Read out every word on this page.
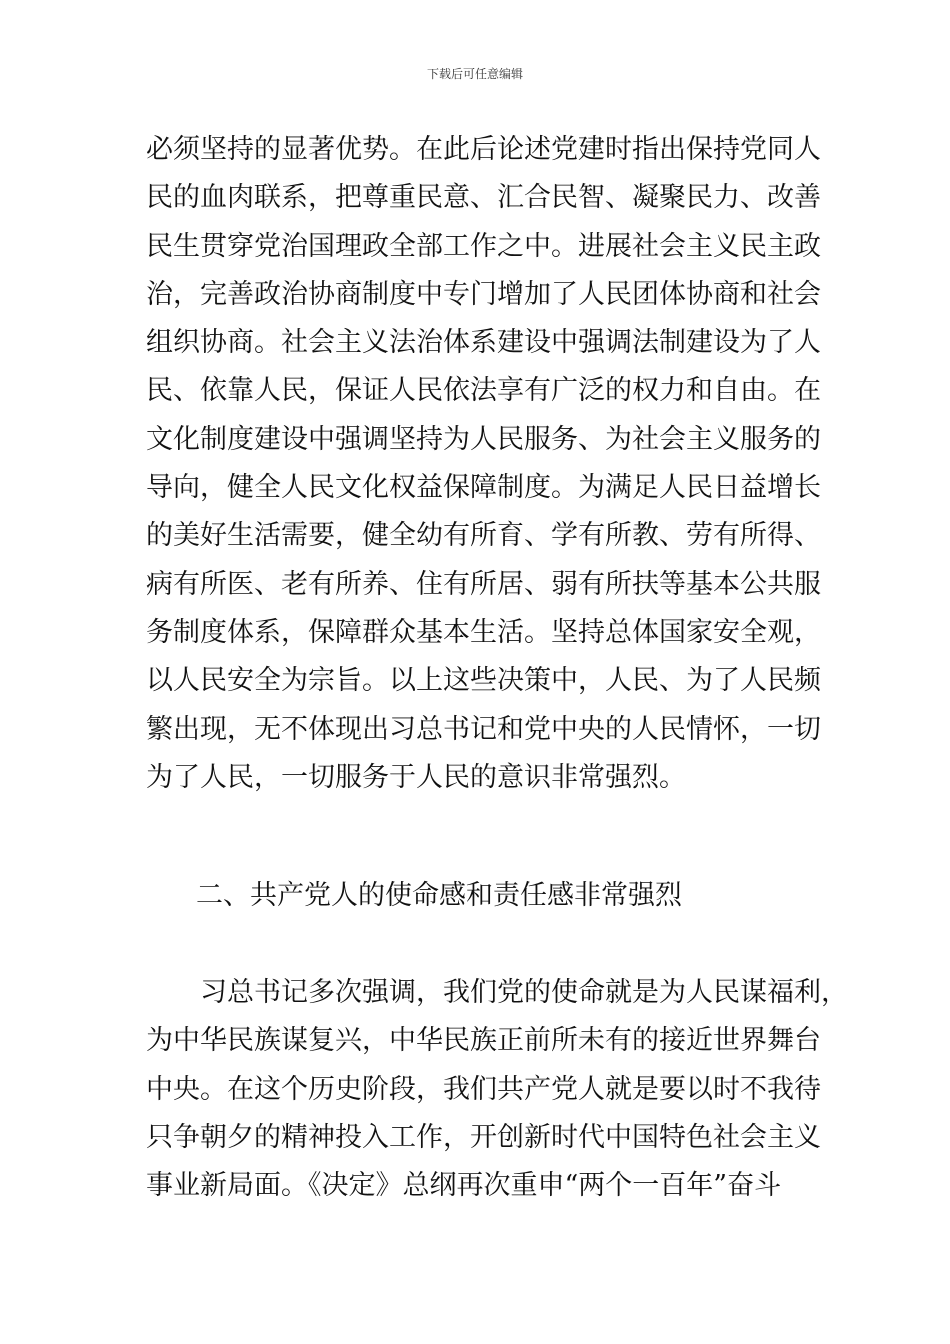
下载后可任意编辑
必须坚持的显著优势。在此后论述党建时指出保持党同人
民的血肉联系，把尊重民意、汇合民智、凝聚民力、改善
民生贯穿党治国理政全部工作之中。进展社会主义民主政
治，完善政治协商制度中专门增加了人民团体协商和社会
组织协商。社会主义法治体系建设中强调法制建设为了人
民、依靠人民，保证人民依法享有广泛的权力和自由。在
文化制度建设中强调坚持为人民服务、为社会主义服务的
导向，健全人民文化权益保障制度。为满足人民日益增长
的美好生活需要，健全幼有所育、学有所教、劳有所得、
病有所医、老有所养、住有所居、弱有所扶等基本公共服
务制度体系，保障群众基本生活。坚持总体国家安全观，
以人民安全为宗旨。以上这些决策中，人民、为了人民频
繁出现，无不体现出习总书记和党中央的人民情怀，一切
为了人民，一切服务于人民的意识非常强烈。
二、共产党人的使命感和责任感非常强烈
　　习总书记多次强调，我们党的使命就是为人民谋福利，
为中华民族谋复兴，中华民族正前所未有的接近世界舞台
中央。在这个历史阶段，我们共产党人就是要以时不我待
只争朝夕的精神投入工作，开创新时代中国特色社会主义
事业新局面。《决定》总纲再次重申“两个一百年”奋斗
